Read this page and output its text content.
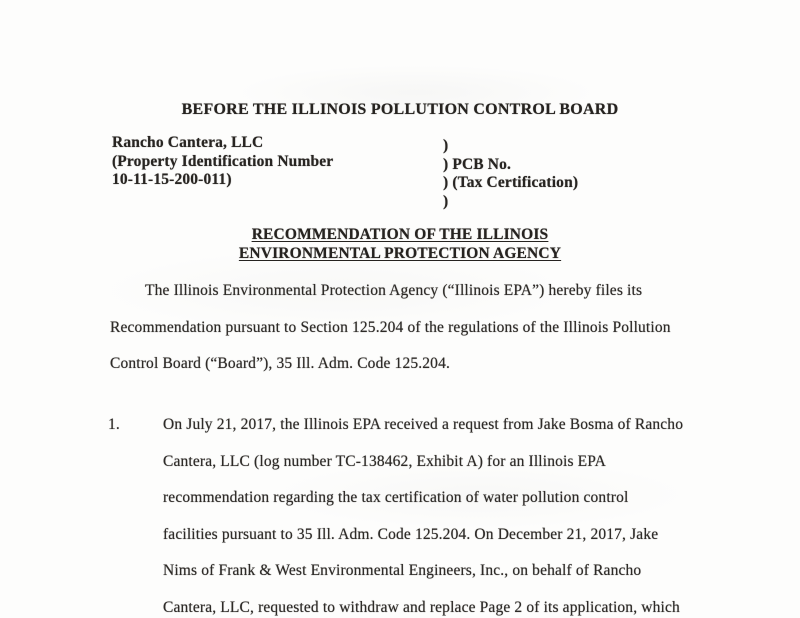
BEFORE THE ILLINOIS POLLUTION CONTROL BOARD
Rancho Cantera, LLC
(Property Identification Number
10-11-15-200-011)
)
) PCB No.
) (Tax Certification)
)
RECOMMENDATION OF THE ILLINOIS
ENVIRONMENTAL PROTECTION AGENCY
The Illinois Environmental Protection Agency (“Illinois EPA”) hereby files its
Recommendation pursuant to Section 125.204 of the regulations of the Illinois Pollution
Control Board (“Board”), 35 Ill. Adm. Code 125.204.
1.	On July 21, 2017, the Illinois EPA received a request from Jake Bosma of Rancho
Cantera, LLC (log number TC-138462, Exhibit A) for an Illinois EPA
recommendation regarding the tax certification of water pollution control
facilities pursuant to 35 Ill. Adm. Code 125.204. On December 21, 2017, Jake
Nims of Frank & West Environmental Engineers, Inc., on behalf of Rancho
Cantera, LLC, requested to withdraw and replace Page 2 of its application, which
